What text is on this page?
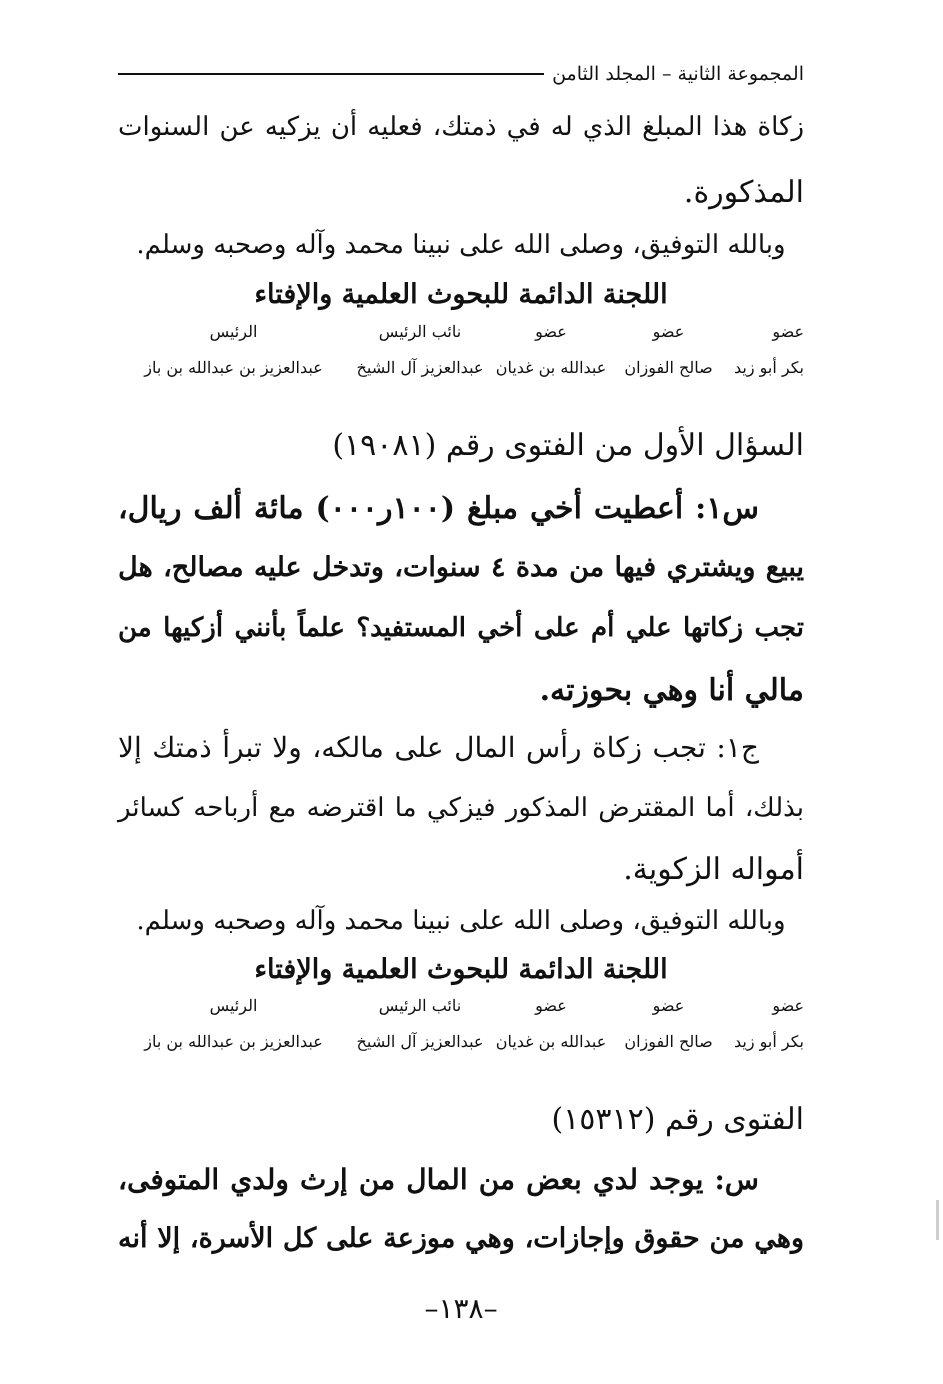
المجموعة الثانية – المجلد الثامن
زكاة هذا المبلغ الذي له في ذمتك، فعليه أن يزكيه عن السنوات
المذكورة.
وبالله التوفيق، وصلى الله على نبينا محمد وآله وصحبه وسلم.
اللجنة الدائمة للبحوث العلمية والإفتاء
عضو
عضو
عضو
نائب الرئيس
الرئيس
بكر أبو زيد
صالح الفوزان
عبدالله بن غديان
عبدالعزيز آل الشيخ
عبدالعزيز بن عبدالله بن باز
السؤال الأول من الفتوى رقم (١٩٠٨١)
س١: أعطيت أخي مبلغ (١٠٠ر٠٠٠) مائة ألف ريال،
يبيع ويشتري فيها من مدة ٤ سنوات، وتدخل عليه مصالح، هل
تجب زكاتها علي أم على أخي المستفيد؟ علماً بأنني أزكيها من
مالي أنا وهي بحوزته.
ج١: تجب زكاة رأس المال على مالكه، ولا تبرأ ذمتك إلا
بذلك، أما المقترض المذكور فيزكي ما اقترضه مع أرباحه كسائر
أمواله الزكوية.
وبالله التوفيق، وصلى الله على نبينا محمد وآله وصحبه وسلم.
اللجنة الدائمة للبحوث العلمية والإفتاء
عضو
عضو
عضو
نائب الرئيس
الرئيس
بكر أبو زيد
صالح الفوزان
عبدالله بن غديان
عبدالعزيز آل الشيخ
عبدالعزيز بن عبدالله بن باز
الفتوى رقم (١٥٣١٢)
س: يوجد لدي بعض من المال من إرث ولدي المتوفى،
وهي من حقوق وإجازات، وهي موزعة على كل الأسرة، إلا أنه
–١٣٨–
